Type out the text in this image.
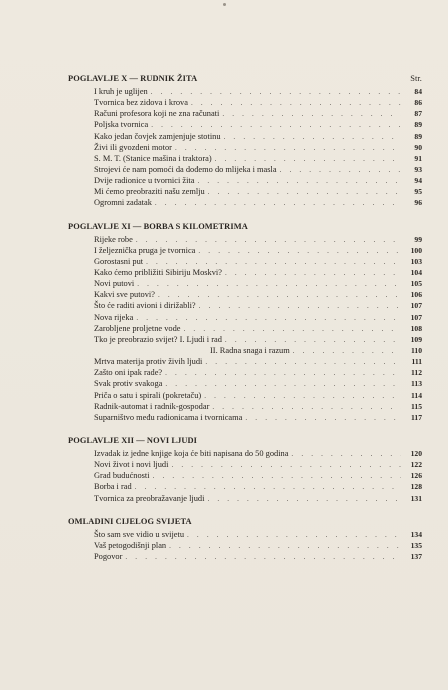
POGLAVLJE X — RUDNIK ŽITA	Str.
I kruh je uglijen . . .	84
Tvornica bez zidova i krova . . .	86
Računi profesora koji ne zna računati . . .	87
Poljska tvornica . . .	89
Kako jedan čovjek zamjenjuje stotinu . . .	89
Živi ili gvozdeni motor . . .	90
S. M. T. (Stanice mašina i traktora) . . .	91
Strojevi će nam pomoći da dođemo do mlijeka i masla . . .	93
Dvije radionice u tvornici žita . . .	94
Mi ćemo preobraziti našu zemlju . . .	95
Ogromni zadatak . . .	96
POGLAVLJE XI — BORBA S KILOMETRIMA
Rijeke robe . . .	99
I željeznička pruga je tvornica . . .	100
Gorostasni put . . .	103
Kako ćemo približiti Sibiriju Moskvi? . . .	104
Novi putovi . . .	105
Kakvi sve putovi? . . .	106
Što će raditi avioni i dirižabli? . . .	107
Nova rijeka . . .	107
Zarobljene proljetne vode . . .	108
Tko je preobrazio svijet? I. Ljudi i rad . . .	109
II. Radna snaga i razum . . .	110
Mrtva materija protiv živih ljudi . . .	111
Zašto oni ipak rade? . . .	112
Svak protiv svakoga . . .	113
Priča o satu i spirali (pokretaču) . . .	114
Radnik-automat i radnik-gospodar . . .	115
Suparništvo među radionicama i tvornicama . . .	117
POGLAVLJE XII — NOVI LJUDI
Izvadak iz jedne knjige koja će biti napisana do 50 godina . . .	120
Novi život i novi ljudi . . .	122
Grad budućnosti . . .	126
Borba i rad . . .	128
Tvornica za preobražavanje ljudi . . .	131
OMLADINI CIJELOG SVIJETA
Što sam sve vidio u svijetu . . .	134
Vaš petogodišnji plan . . .	135
Pogovor . . .	137
